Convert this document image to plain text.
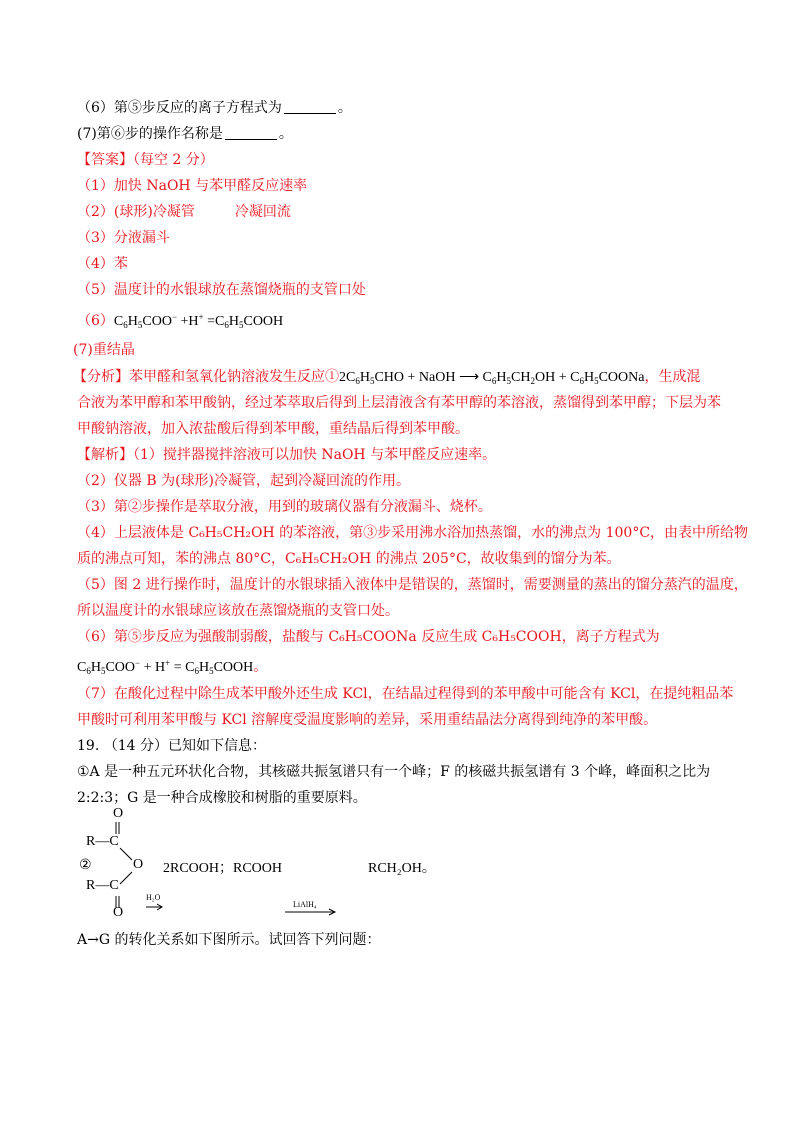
（6）第⑤步反应的离子方程式为	。
(7)第⑥步的操作名称是	。
【答案】（每空 2 分）
（1）加快 NaOH 与苯甲醛反应速率
（2）(球形)冷凝管	冷凝回流
（3）分液漏斗
（4）苯
（5）温度计的水银球放在蒸馏烧瓶的支管口处
$(6)C_6H_5COO^- +H^+$ $=C_6H_5COOH$
(7)重结晶
【分析】苯甲醛和氢氧化钠溶液发生反应$①2C_6H_5CHO$ + NaOH ⟶ $C_6H_5CH_2OH$ + $C_6H_5COONa$，生成混
合液为苯甲醇和苯甲酸钠，经过苯萃取后得到上层清液含有苯甲醇的苯溶液，蒸馏得到苯甲醇；下层为苯
甲酸钠溶液，加入浓盐酸后得到苯甲酸，重结晶后得到苯甲酸。
【解析】（1）搅拌器搅拌溶液可以加快 NaOH 与苯甲醛反应速率。
（2）仪器 B 为(球形)冷凝管，起到冷凝回流的作用。
（3）第②步操作是萃取分液，用到的玻璃仪器有分液漏斗、烧杯。
（4）上层液体是 C₆H₅CH₂OH 的苯溶液，第③步采用沸水浴加热蒸馏，水的沸点为 100°C，由表中所给物
质的沸点可知，苯的沸点 80°C，C₆H₅CH₂OH 的沸点 205°C，故收集到的馏分为苯。
（5）图 2 进行操作时，温度计的水银球插入液体中是错误的，蒸馏时，需要测量的蒸出的馏分蒸汽的温度，
所以温度计的水银球应该放在蒸馏烧瓶的支管口处。
（6）第⑤步反应为强酸制弱酸，盐酸与 C₆H₅COONa 反应生成 C₆H₅COOH，离子方程式为
$C_6H_5COO^- + H^+$ = $C_6H_5COOH$。
（7）在酸化过程中除生成苯甲酸外还生成 KCl，在结晶过程得到的苯甲酸中可能含有 KCl，在提纯粗品苯
甲酸时可利用苯甲酸与 KCl 溶解度受温度影响的差异，采用重结晶法分离得到纯净的苯甲酸。
19. （14 分）已知如下信息：
①A 是一种五元环状化合物，其核磁共振氢谱只有一个峰；F 的核磁共振氢谱有 3 个峰，峰面积之比为
2:2:3；G 是一种合成橡胶和树脂的重要原料。
O
R—C
②	O
R—C
O
H₂O
LiAlH₄
2RCOOH；RCOOH	RCH₂OH。
A→G 的转化关系如下图所示。试回答下列问题：
